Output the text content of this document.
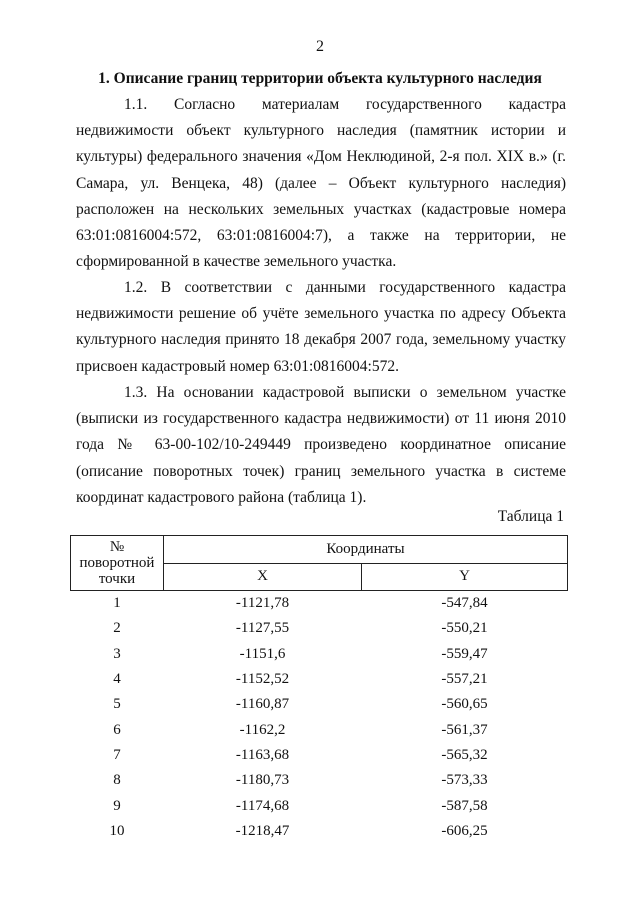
2
1. Описание границ территории объекта культурного наследия
1.1. Согласно материалам государственного кадастра недвижимости объект культурного наследия (памятник истории и культуры) федерального значения «Дом Неклюдиной, 2-я пол. XIX в.» (г. Самара, ул. Венцека, 48) (далее – Объект культурного наследия) расположен на нескольких земельных участках (кадастровые номера 63:01:0816004:572, 63:01:0816004:7), а также на территории, не сформированной в качестве земельного участка.
1.2. В соответствии с данными государственного кадастра недвижимости решение об учёте земельного участка по адресу Объекта культурного наследия принято 18 декабря 2007 года, земельному участку присвоен кадастровый номер 63:01:0816004:572.
1.3. На основании кадастровой выписки о земельном участке (выписки из государственного кадастра недвижимости) от 11 июня 2010 года № 63-00-102/10-249449 произведено координатное описание (описание поворотных точек) границ земельного участка в системе координат кадастрового района (таблица 1).
Таблица 1
№ поворотной точки	Координаты	
	X	Y
1	-1121,78	-547,84
2	-1127,55	-550,21
3	-1151,6	-559,47
4	-1152,52	-557,21
5	-1160,87	-560,65
6	-1162,2	-561,37
7	-1163,68	-565,32
8	-1180,73	-573,33
9	-1174,68	-587,58
10	-1218,47	-606,25
